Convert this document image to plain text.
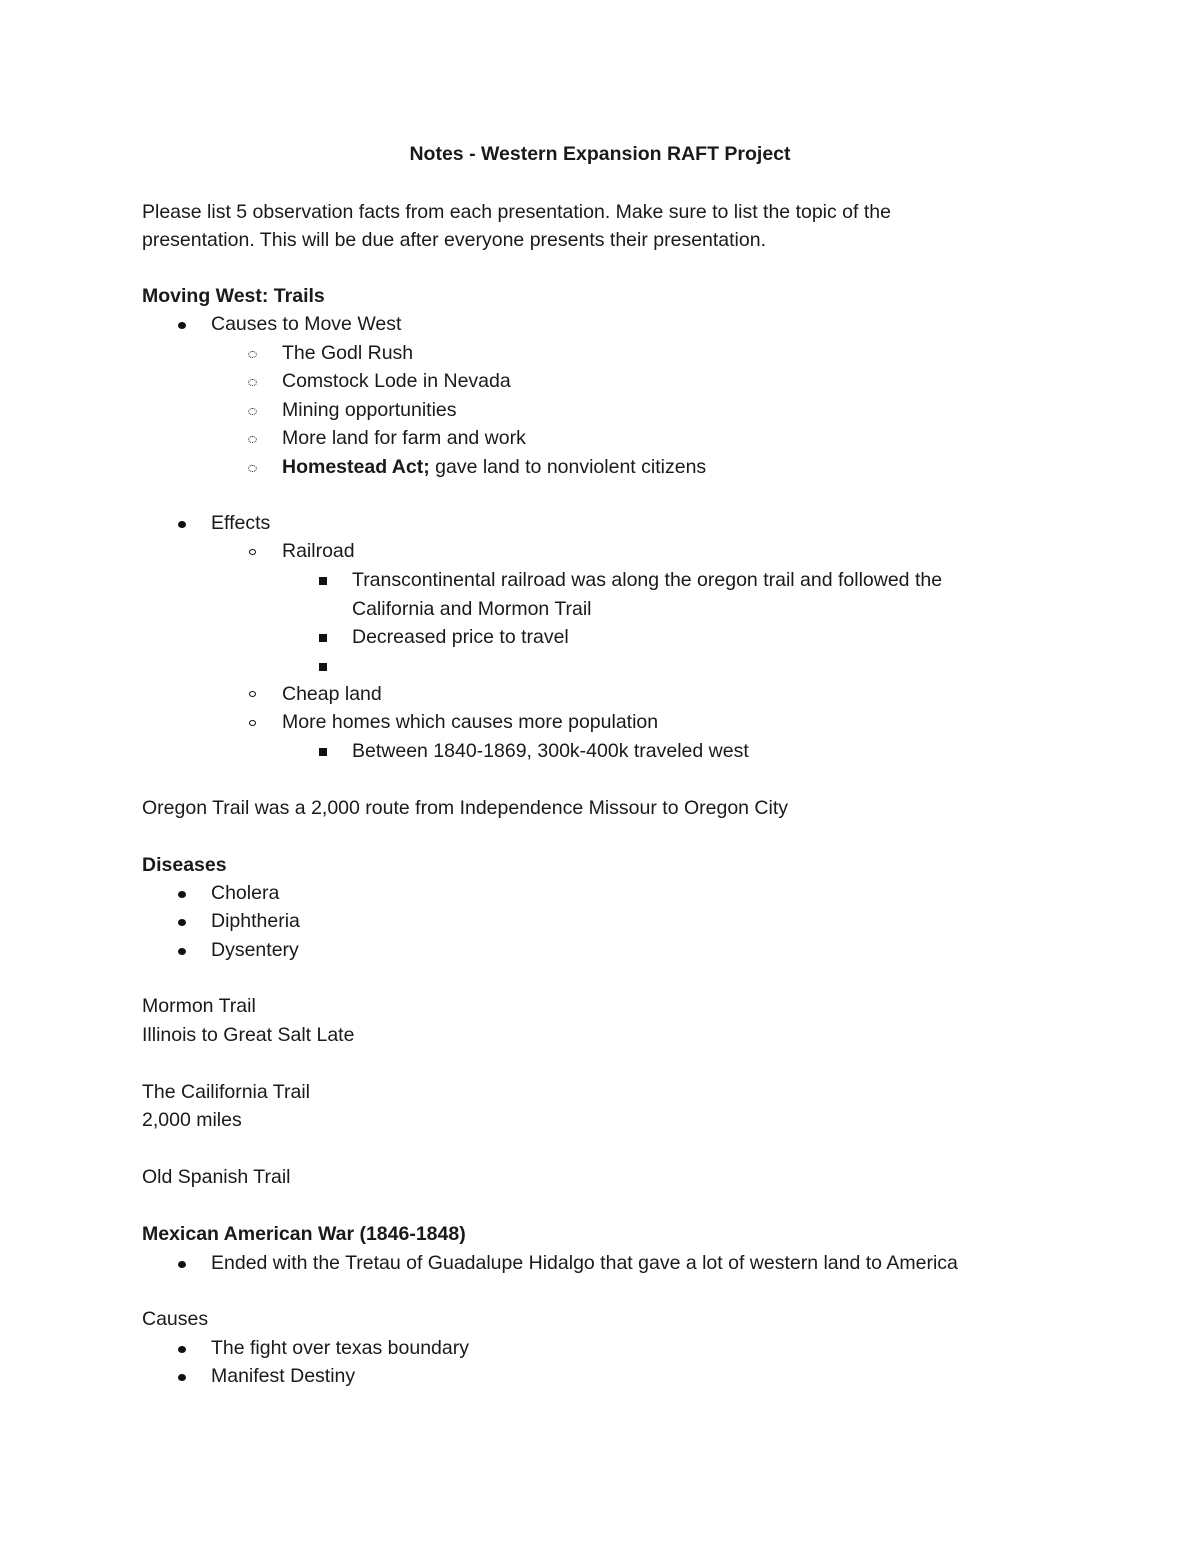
Notes - Western Expansion RAFT Project
Please list 5 observation facts from each presentation. Make sure to list the topic of the
presentation. This will be due after everyone presents their presentation.
Moving West: Trails
Causes to Move West
The Godl Rush
Comstock Lode in Nevada
Mining opportunities
More land for farm and work
Homestead Act; gave land to nonviolent citizens
Effects
Railroad
Transcontinental railroad was along the oregon trail and followed the
California and Mormon Trail
Decreased price to travel
Cheap land
More homes which causes more population
Between 1840-1869, 300k-400k traveled west
Oregon Trail was a 2,000 route from Independence Missour to Oregon City
Diseases
Cholera
Diphtheria
Dysentery
Mormon Trail
Illinois to Great Salt Late
The Cailifornia Trail
2,000 miles
Old Spanish Trail
Mexican American War (1846-1848)
Ended with the Tretau of Guadalupe Hidalgo that gave a lot of western land to America
Causes
The fight over texas boundary
Manifest Destiny
